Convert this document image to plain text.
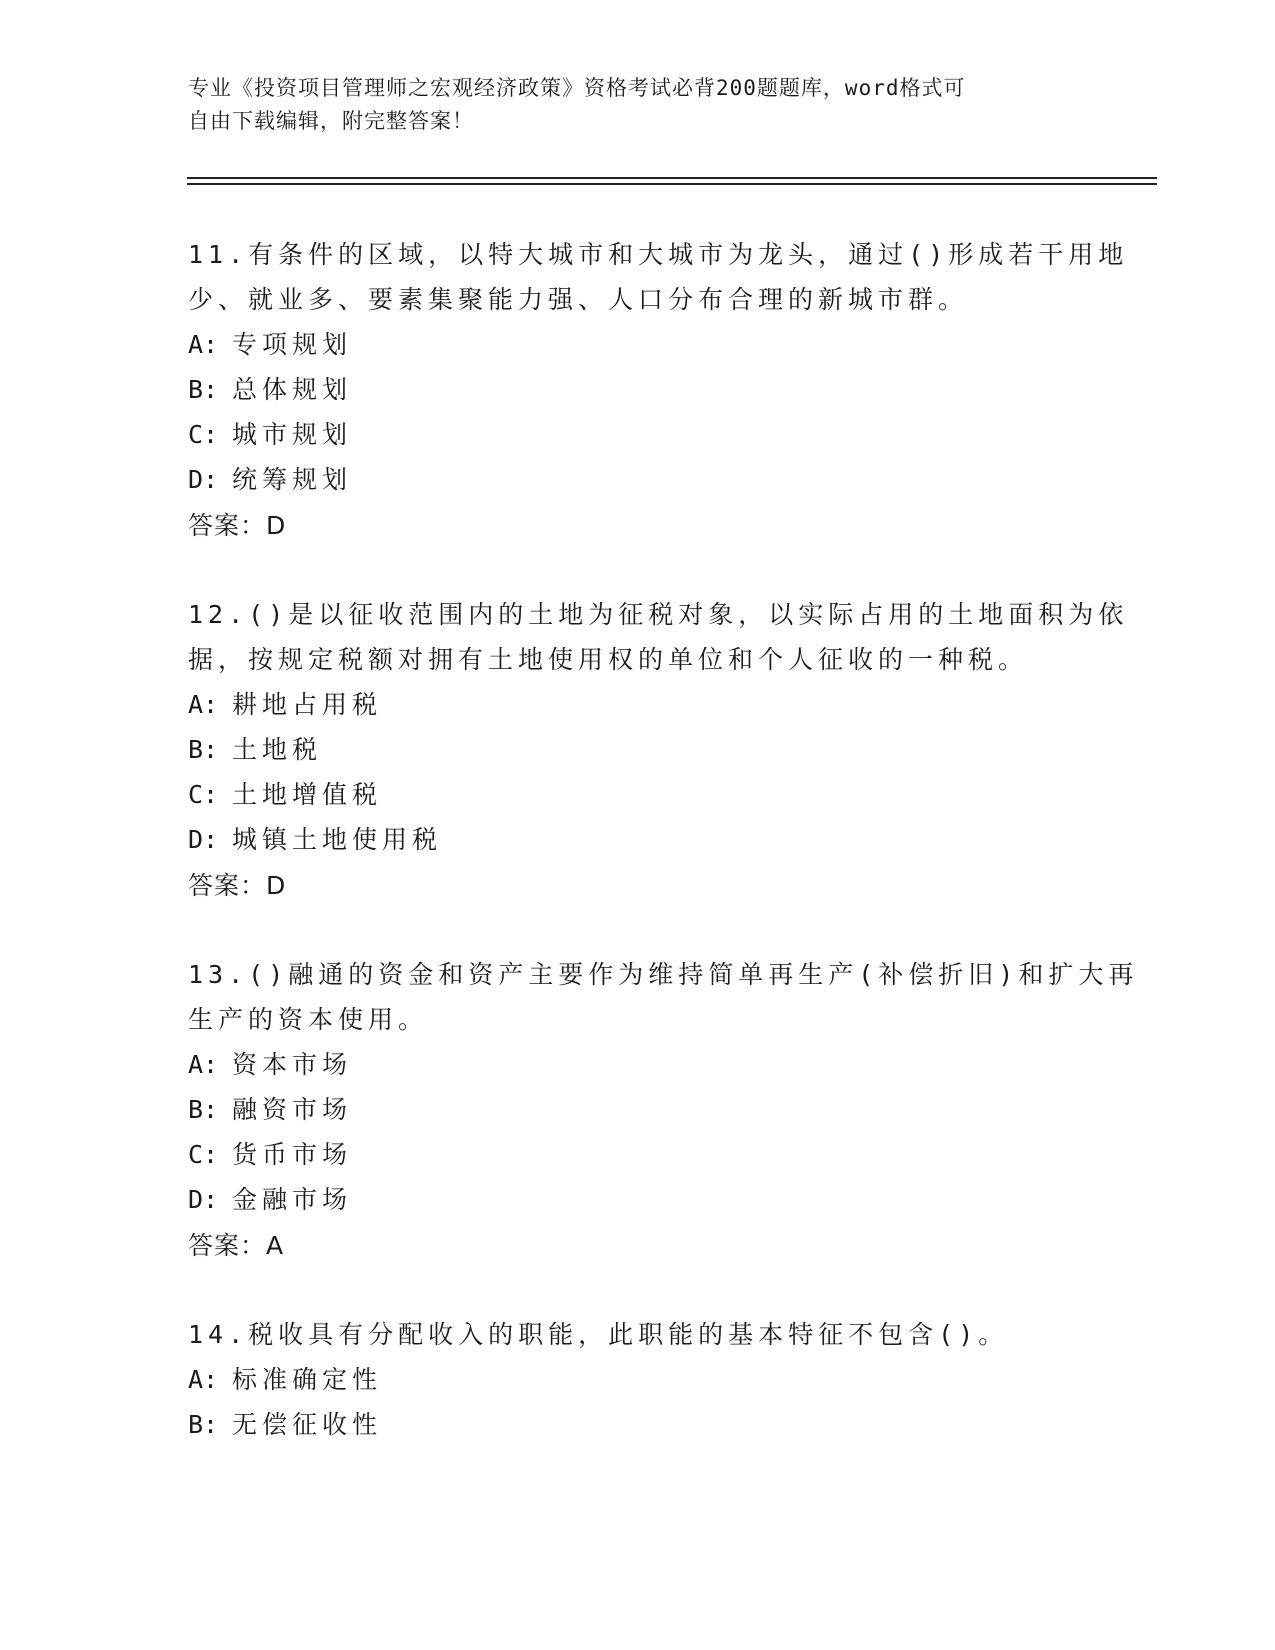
专业《投资项目管理师之宏观经济政策》资格考试必背200题题库，word格式可
自由下载编辑，附完整答案！
11.有条件的区域，以特大城市和大城市为龙头，通过()形成若干用地
少、就业多、要素集聚能力强、人口分布合理的新城市群。
A: 专项规划
B: 总体规划
C: 城市规划
D: 统筹规划
答案：D
12.()是以征收范围内的土地为征税对象，以实际占用的土地面积为依
据，按规定税额对拥有土地使用权的单位和个人征收的一种税。
A: 耕地占用税
B: 土地税
C: 土地增值税
D: 城镇土地使用税
答案：D
13.()融通的资金和资产主要作为维持简单再生产(补偿折旧)和扩大再
生产的资本使用。
A: 资本市场
B: 融资市场
C: 货币市场
D: 金融市场
答案：A
14.税收具有分配收入的职能，此职能的基本特征不包含()。
A: 标准确定性
B: 无偿征收性
